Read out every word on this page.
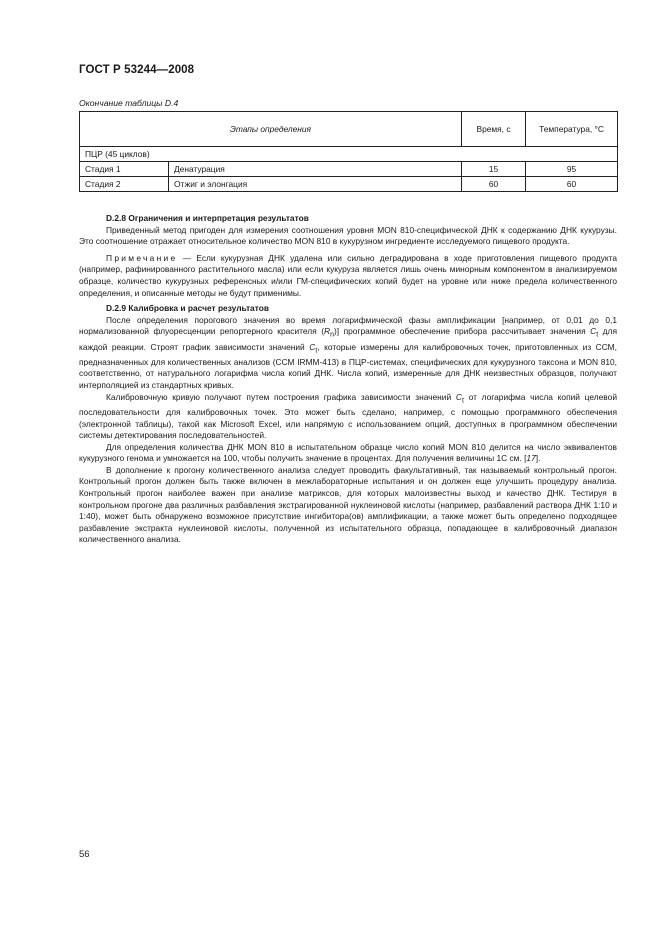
ГОСТ Р 53244—2008
Окончание таблицы D.4
Этапы определения		Время, с	Температура, °С
ПЦР (45 циклов)			
Стадия 1	Денатурация	15	95
Стадия 2	Отжиг и элонгация	60	60
D.2.8 Ограничения и интерпретация результатов

Приведенный метод пригоден для измерения соотношения уровня MON 810-специфической ДНК к содержанию ДНК кукурузы. Это соотношение отражает относительное количество MON 810 в кукурузном ингредиенте исследуемого пищевого продукта.

Примечание — Если кукурузная ДНК удалена или сильно деградирована в ходе приготовления пищевого продукта (например, рафинированного растительного масла) или если кукуруза является лишь очень минорным компонентом в анализируемом образце, количество кукурузных референсных и/или ГМ-специфических копий будет на уровне или ниже предела количественного определения, и описанные методы не будут применимы.

D.2.9 Калибровка и расчет результатов

После определения порогового значения во время логарифмической фазы амплификации [например, от 0,01 до 0,1 нормализованной флуоресценции репортерного красителя $(R_n)$] программное обеспечение прибора рассчитывает значения $C_t$ для каждой реакции. Строят график зависимости значений $C_t$, которые измерены для калибровочных точек, приготовленных из ССМ, предназначенных для количественных анализов (ССМ IRMM-413) в ПЦР-системах, специфических для кукурузного таксона и MON 810, соответственно, от натурального логарифма числа копий ДНК. Числа копий, измеренные для ДНК неизвестных образцов, получают интерполяцией из стандартных кривых.

Калибровочную кривую получают путем построения графика зависимости значений $C_t$ от логарифма числа копий целевой последовательности для калибровочных точек. Это может быть сделано, например, с помощью программного обеспечения (электронной таблицы), такой как Microsoft Excel, или напрямую с использованием опций, доступных в программном обеспечении системы детектирования последовательностей.

Для определения количества ДНК MON 810 в испытательном образце число копий MON 810 делится на число эквивалентов кукурузного генома и умножается на 100, чтобы получить значение в процентах. Для получения величины 1С см. [17].

В дополнение к прогону количественного анализа следует проводить факультативный, так называемый контрольный прогон. Контрольный прогон должен быть также включен в межлабораторные испытания и он должен еще улучшить процедуру анализа. Контрольный прогон наиболее важен при анализе матриксов, для которых малоизвестны выход и качество ДНК. Тестируя в контрольном прогоне два различных разбавления экстрагированной нуклеиновой кислоты (например, разбавлений раствора ДНК 1:10 и 1:40), может быть обнаружено возможное присутствие ингибитора(ов) амплификации, а также может быть определено подходящее разбавление экстракта нуклеиновой кислоты, полученной из испытательного образца, попадающее в калибровочный диапазон количественного анализа.

56
